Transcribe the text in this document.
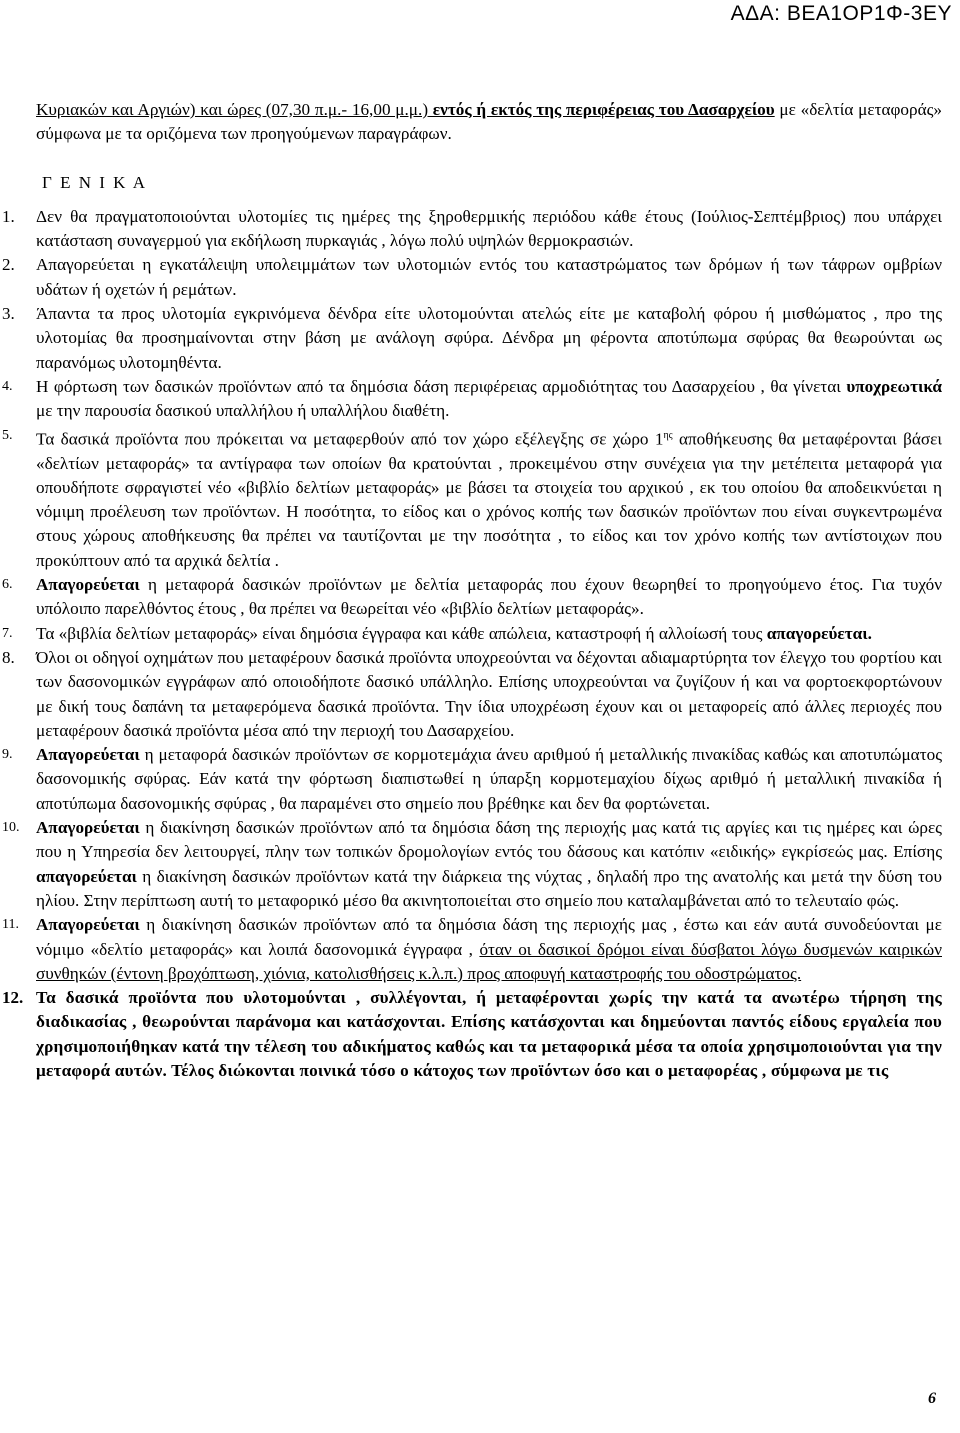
ΑΔΑ: ΒΕΑ1ΟΡ1Φ-3ΕΥ

Κυριακών και Αργιών) και ώρες (07,30 π.μ.- 16,00 μ.μ.) εντός ή εκτός της περιφέρειας του Δασαρχείου με «δελτία μεταφοράς» σύμφωνα με τα οριζόμενα των προηγούμενων παραγράφων.

Γ Ε Ν Ι Κ Α
1.	Δεν θα πραγματοποιούνται υλοτομίες τις ημέρες της ξηροθερμικής περιόδου κάθε έτους (Ιούλιος-Σεπτέμβριος) που υπάρχει κατάσταση συναγερμού για εκδήλωση πυρκαγιάς , λόγω πολύ υψηλών θερμοκρασιών.

2.	Απαγορεύεται η εγκατάλειψη υπολειμμάτων των υλοτομιών εντός του καταστρώματος των δρόμων ή των τάφρων ομβρίων υδάτων ή οχετών ή ρεμάτων.

3.	Άπαντα τα προς υλοτομία εγκρινόμενα δένδρα είτε υλοτομούνται ατελώς είτε με καταβολή φόρου ή μισθώματος , προ της υλοτομίας θα προσημαίνονται στην βάση με ανάλογη σφύρα. Δένδρα μη φέροντα αποτύπωμα σφύρας θα θεωρούνται ως παρανόμως υλοτομηθέντα.

4.	Η φόρτωση των δασικών προϊόντων από τα δημόσια δάση περιφέρειας αρμοδιότητας του Δασαρχείου , θα γίνεται υποχρεωτικά με την παρουσία δασικού υπαλλήλου ή υπαλλήλου διαθέτη.

5.	Τα δασικά προϊόντα που πρόκειται να μεταφερθούν από τον χώρο εξέλεγξης σε χώρο $1^{\eta\varsigma}$ αποθήκευσης θα μεταφέρονται βάσει «δελτίων μεταφοράς» τα αντίγραφα των οποίων θα κρατούνται , προκειμένου στην συνέχεια για την μετέπειτα μεταφορά για οπουδήποτε σφραγιστεί νέο «βιβλίο δελτίων μεταφοράς» με βάσει τα στοιχεία του αρχικού , εκ του οποίου θα αποδεικνύεται η νόμιμη προέλευση των προϊόντων. Η ποσότητα, το είδος και ο χρόνος κοπής των δασικών προϊόντων που είναι συγκεντρωμένα στους χώρους αποθήκευσης θα πρέπει να ταυτίζονται με την ποσότητα , το είδος και τον χρόνο κοπής των αντίστοιχων που προκύπτουν από τα αρχικά δελτία .

6.	Απαγορεύεται η μεταφορά δασικών προϊόντων με δελτία μεταφοράς που έχουν θεωρηθεί το προηγούμενο έτος. Για τυχόν υπόλοιπο παρελθόντος έτους , θα πρέπει να θεωρείται νέο «βιβλίο δελτίων μεταφοράς».

7.	Τα «βιβλία δελτίων μεταφοράς» είναι δημόσια έγγραφα και κάθε απώλεια, καταστροφή ή αλλοίωσή τους απαγορεύεται.

8.	Όλοι οι οδηγοί οχημάτων που μεταφέρουν δασικά προϊόντα υποχρεούνται να δέχονται αδιαμαρτύρητα τον έλεγχο του φορτίου και των δασονομικών εγγράφων από οποιοδήποτε δασικό υπάλληλο. Επίσης υποχρεούνται να ζυγίζουν ή και να φορτοεκφορτώνουν με δική τους δαπάνη τα μεταφερόμενα δασικά προϊόντα. Την ίδια υποχρέωση έχουν και οι μεταφορείς από άλλες περιοχές που μεταφέρουν δασικά προϊόντα μέσα από την περιοχή του Δασαρχείου.

9.	Απαγορεύεται η μεταφορά δασικών προϊόντων σε κορμοτεμάχια άνευ αριθμού ή μεταλλικής πινακίδας καθώς και αποτυπώματος δασονομικής σφύρας. Εάν κατά την φόρτωση διαπιστωθεί η ύπαρξη κορμοτεμαχίου δίχως αριθμό ή μεταλλική πινακίδα ή αποτύπωμα δασονομικής σφύρας , θα παραμένει στο σημείο που βρέθηκε και δεν θα φορτώνεται.

10. Απαγορεύεται η διακίνηση δασικών προϊόντων από τα δημόσια δάση της περιοχής μας κατά τις αργίες και τις ημέρες και ώρες που η Υπηρεσία δεν λειτουργεί, πλην των τοπικών δρομολογίων εντός του δάσους και κατόπιν «ειδικής» εγκρίσεώς μας. Επίσης απαγορεύεται η διακίνηση δασικών προϊόντων κατά την διάρκεια της νύχτας , δηλαδή προ της ανατολής και μετά την δύση του ηλίου. Στην περίπτωση αυτή το μεταφορικό μέσο θα ακινητοποιείται στο σημείο που καταλαμβάνεται από το τελευταίο φώς.

11. Απαγορεύεται η διακίνηση δασικών προϊόντων από τα δημόσια δάση της περιοχής μας , έστω και εάν αυτά συνοδεύονται με νόμιμο «δελτίο μεταφοράς» και λοιπά δασονομικά έγγραφα , όταν οι δασικοί δρόμοι είναι δύσβατοι λόγω δυσμενών καιρικών συνθηκών (έντονη βροχόπτωση, χιόνια, κατολισθήσεις κ.λ.π.) προς αποφυγή καταστροφής του οδοστρώματος.

12. Τα δασικά προϊόντα που υλοτομούνται , συλλέγονται, ή μεταφέρονται χωρίς την κατά τα ανωτέρω τήρηση της διαδικασίας , θεωρούνται παράνομα και κατάσχονται. Επίσης κατάσχονται και δημεύονται παντός είδους εργαλεία που χρησιμοποιήθηκαν κατά την τέλεση του αδικήματος καθώς και τα μεταφορικά μέσα τα οποία χρησιμοποιούνται για την μεταφορά αυτών. Τέλος διώκονται ποινικά τόσο ο κάτοχος των προϊόντων όσο και ο μεταφορέας , σύμφωνα με τις

6
